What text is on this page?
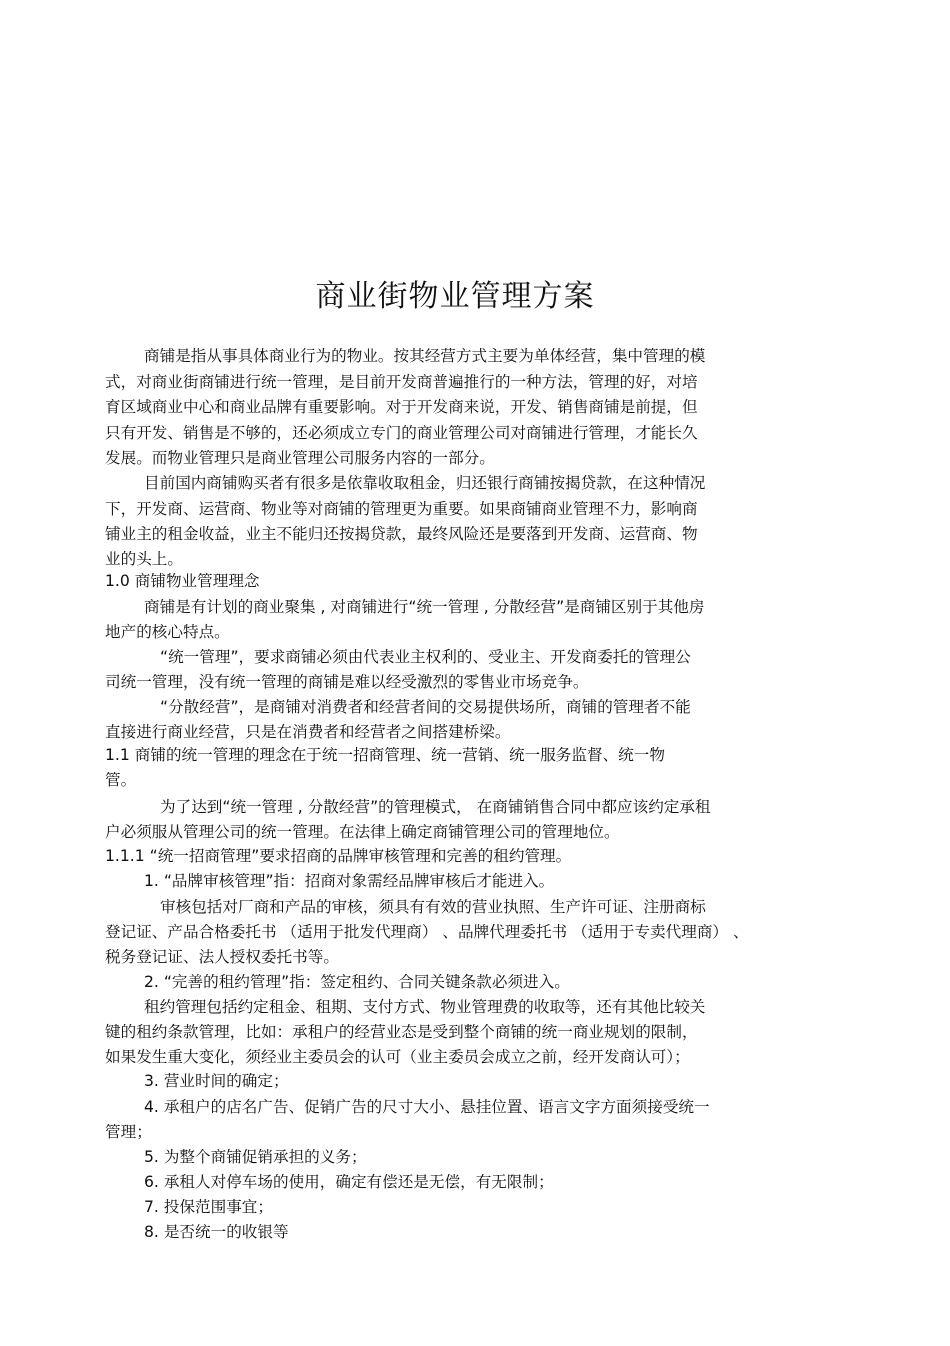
商业街物业管理方案
商铺是指从事具体商业行为的物业。按其经营方式主要为单体经营，集中管理的模
式，对商业街商铺进行统一管理，是目前开发商普遍推行的一种方法，管理的好，对培
育区域商业中心和商业品牌有重要影响。对于开发商来说，开发、销售商铺是前提，但
只有开发、销售是不够的，还必须成立专门的商业管理公司对商铺进行管理，才能长久
发展。而物业管理只是商业管理公司服务内容的一部分。
目前国内商铺购买者有很多是依靠收取租金，归还银行商铺按揭贷款，在这种情况
下，开发商、运营商、物业等对商铺的管理更为重要。如果商铺商业管理不力，影响商
铺业主的租金收益，业主不能归还按揭贷款，最终风险还是要落到开发商、运营商、物
业的头上。
1.0 商铺物业管理理念
商铺是有计划的商业聚集 , 对商铺进行“统一管理 , 分散经营”是商铺区别于其他房
地产的核心特点。
“统一管理”，要求商铺必须由代表业主权利的、受业主、开发商委托的管理公
司统一管理，没有统一管理的商铺是难以经受激烈的零售业市场竞争。
“分散经营”，是商铺对消费者和经营者间的交易提供场所，商铺的管理者不能
直接进行商业经营，只是在消费者和经营者之间搭建桥梁。
1.1 商铺的统一管理的理念在于统一招商管理、统一营销、统一服务监督、统一物
管。
为了达到“统一管理 , 分散经营”的管理模式， 在商铺销售合同中都应该约定承租
户必须服从管理公司的统一管理。在法律上确定商铺管理公司的管理地位。
1.1.1 “统一招商管理”要求招商的品牌审核管理和完善的租约管理。
1. “品牌审核管理”指：招商对象需经品牌审核后才能进入。
审核包括对厂商和产品的审核，须具有有效的营业执照、生产许可证、注册商标
登记证、产品合格委托书 （适用于批发代理商） 、品牌代理委托书 （适用于专卖代理商） 、
税务登记证、法人授权委托书等。
2. “完善的租约管理”指：签定租约、合同关键条款必须进入。
租约管理包括约定租金、租期、支付方式、物业管理费的收取等，还有其他比较关
键的租约条款管理，比如：承租户的经营业态是受到整个商铺的统一商业规划的限制，
如果发生重大变化，须经业主委员会的认可（业主委员会成立之前，经开发商认可）；
3. 营业时间的确定；
4. 承租户的店名广告、促销广告的尺寸大小、悬挂位置、语言文字方面须接受统一
管理；
5. 为整个商铺促销承担的义务；
6. 承租人对停车场的使用，确定有偿还是无偿，有无限制；
7. 投保范围事宜；
8. 是否统一的收银等
